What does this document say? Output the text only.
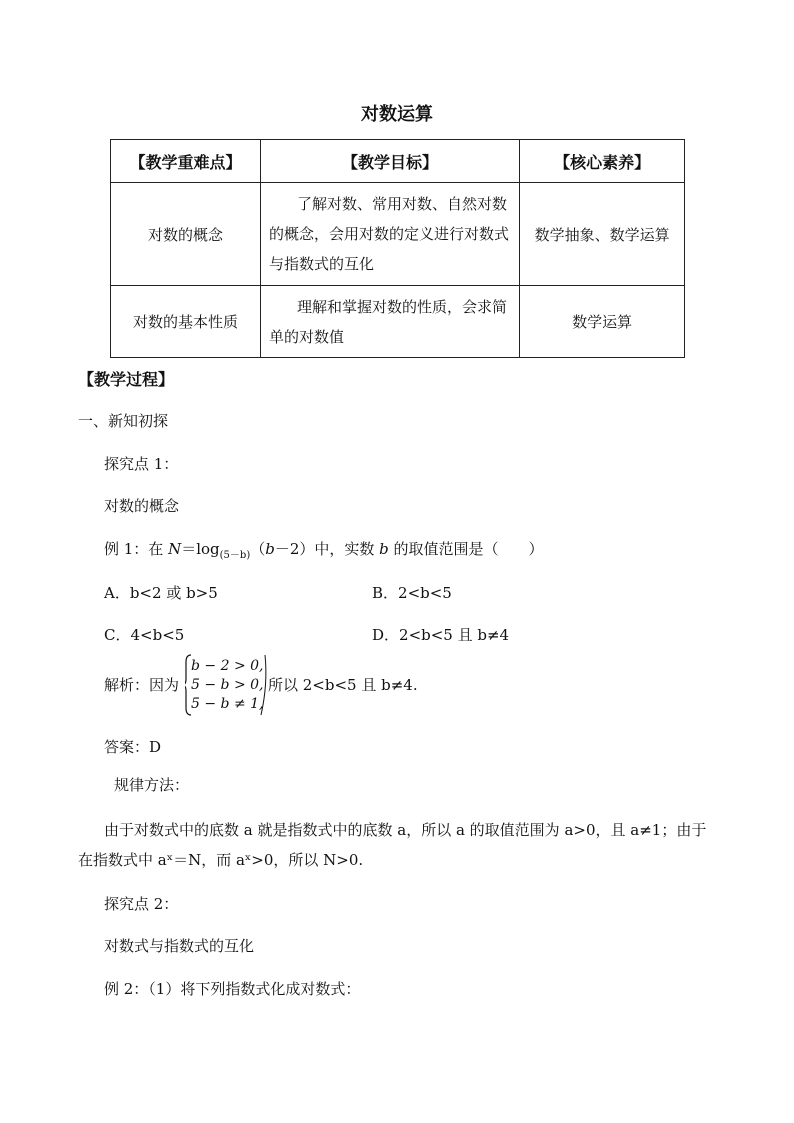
对数运算
【教学重难点】	【教学目标】	【核心素养】
对数的概念	了解对数、常用对数、自然对数的概念，会用对数的定义进行对数式与指数式的互化	数学抽象、数学运算
对数的基本性质	理解和掌握对数的性质，会求简单的对数值	数学运算
【教学过程】
一、新知初探
探究点 1：
对数的概念
例 1：在 $N=\log_{(5-b)}(b-2)$中，实数 b 的取值范围是（　　）
A．b<2 或 b>5	B．2<b<5
C．4<b<5	D．2<b<5 且 b≠4
解析：因为
b − 2 > 0,
5 − b > 0,
5 − b ≠ 1,
所以 2<b<5 且 b≠4.
答案：D
规律方法：
由于对数式中的底数 a 就是指数式中的底数 a，所以 a 的取值范围为 a>0，且 a≠1；由于在指数式中 aˣ＝N，而 aˣ>0，所以 N>0.
探究点 2：
对数式与指数式的互化
例 2：（1）将下列指数式化成对数式：
